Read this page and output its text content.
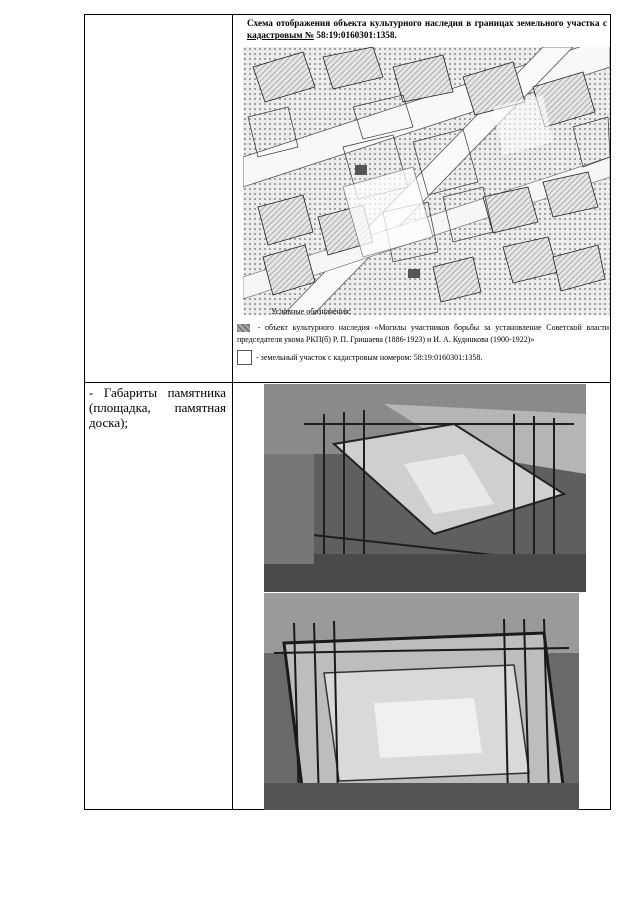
Схема отображения объекта культурного наследия в границах земельного участка с кадастровым № 58:19:0160301:1358.
Условные обозначения:
- объект культурного наследия «Могилы участников борьбы за установление Советской власти председателя укома РКП(б) Р. П. Гришаева (1886-1923) и И. А. Кудинкова (1900-1922)»
- земельный участок с кадастровым номером: 58:19:0160301:1358.
- Габариты памятника (площадка, памятная доска);
